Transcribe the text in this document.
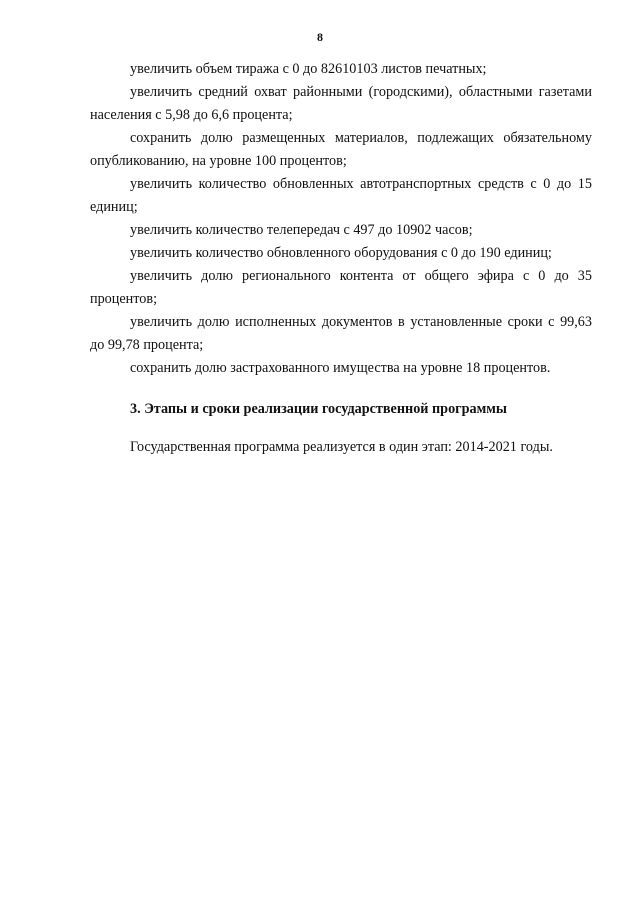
8

увеличить объем тиража с 0 до 82610103 листов печатных;

увеличить средний охват районными (городскими), областными газетами населения с 5,98 до 6,6 процента;

сохранить долю размещенных материалов, подлежащих обязательному опубликованию, на уровне 100 процентов;

увеличить количество обновленных автотранспортных средств с 0 до 15 единиц;

увеличить количество телепередач с 497 до 10902 часов;

увеличить количество обновленного оборудования с 0 до 190 единиц;

увеличить долю регионального контента от общего эфира с 0 до 35 процентов;

увеличить долю исполненных документов в установленные сроки с 99,63 до 99,78 процента;

сохранить долю застрахованного имущества на уровне 18 процентов.

3. Этапы и сроки реализации государственной программы

Государственная программа реализуется в один этап: 2014-2021 годы.
